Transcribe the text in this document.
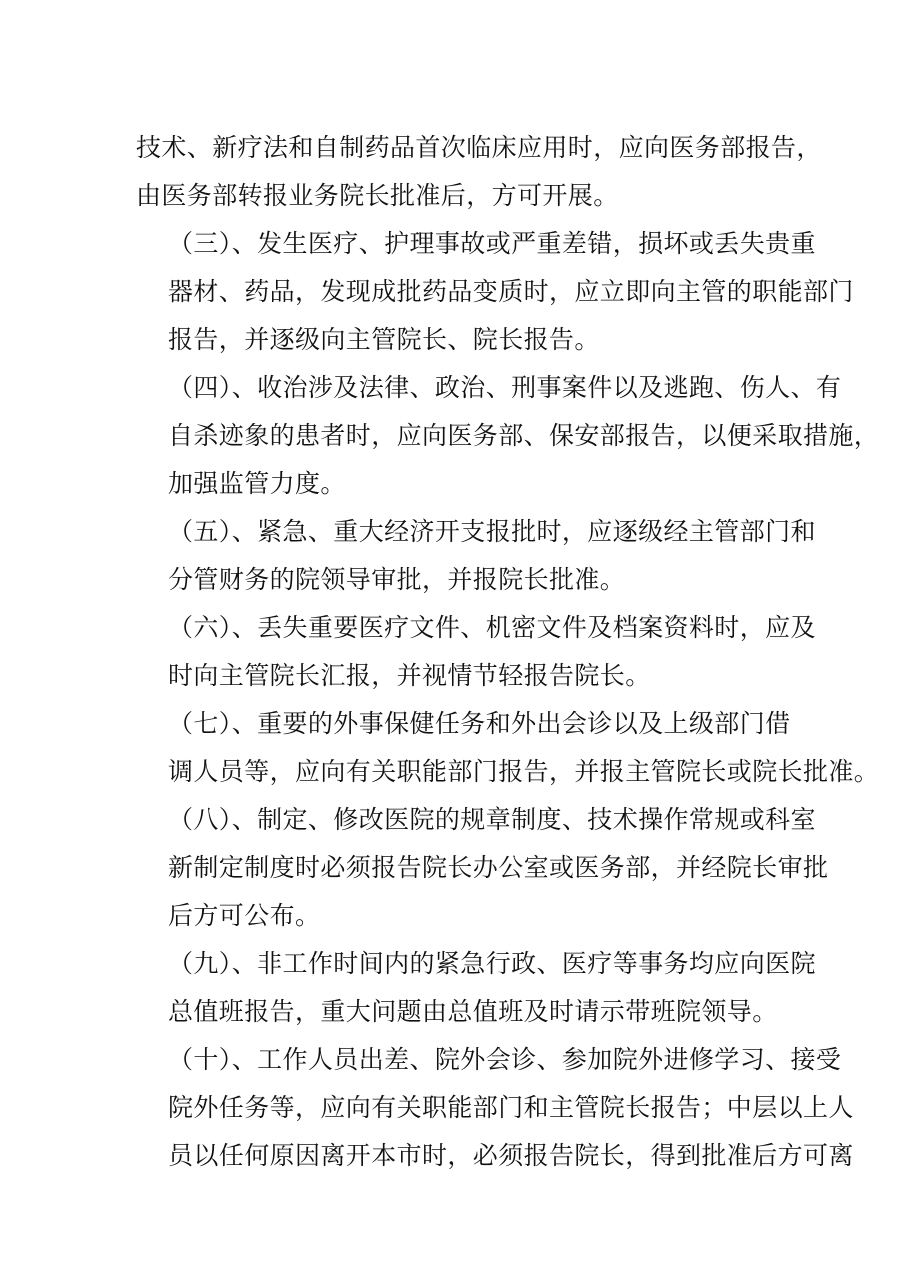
技术、新疗法和自制药品首次临床应用时，应向医务部报告，
由医务部转报业务院长批准后，方可开展。

（三）、发生医疗、护理事故或严重差错，损坏或丢失贵重
器材、药品，发现成批药品变质时，应立即向主管的职能部门
报告，并逐级向主管院长、院长报告。

（四）、收治涉及法律、政治、刑事案件以及逃跑、伤人、有
自杀迹象的患者时，应向医务部、保安部报告，以便采取措施，
加强监管力度。

（五）、紧急、重大经济开支报批时，应逐级经主管部门和
分管财务的院领导审批，并报院长批准。

（六）、丢失重要医疗文件、机密文件及档案资料时，应及
时向主管院长汇报，并视情节轻报告院长。

（七）、重要的外事保健任务和外出会诊以及上级部门借
调人员等，应向有关职能部门报告，并报主管院长或院长批准。

（八）、制定、修改医院的规章制度、技术操作常规或科室
新制定制度时必须报告院长办公室或医务部，并经院长审批
后方可公布。

（九）、非工作时间内的紧急行政、医疗等事务均应向医院
总值班报告，重大问题由总值班及时请示带班院领导。

（十）、工作人员出差、院外会诊、参加院外进修学习、接受
院外任务等，应向有关职能部门和主管院长报告；中层以上人
员以任何原因离开本市时，必须报告院长，得到批准后方可离
